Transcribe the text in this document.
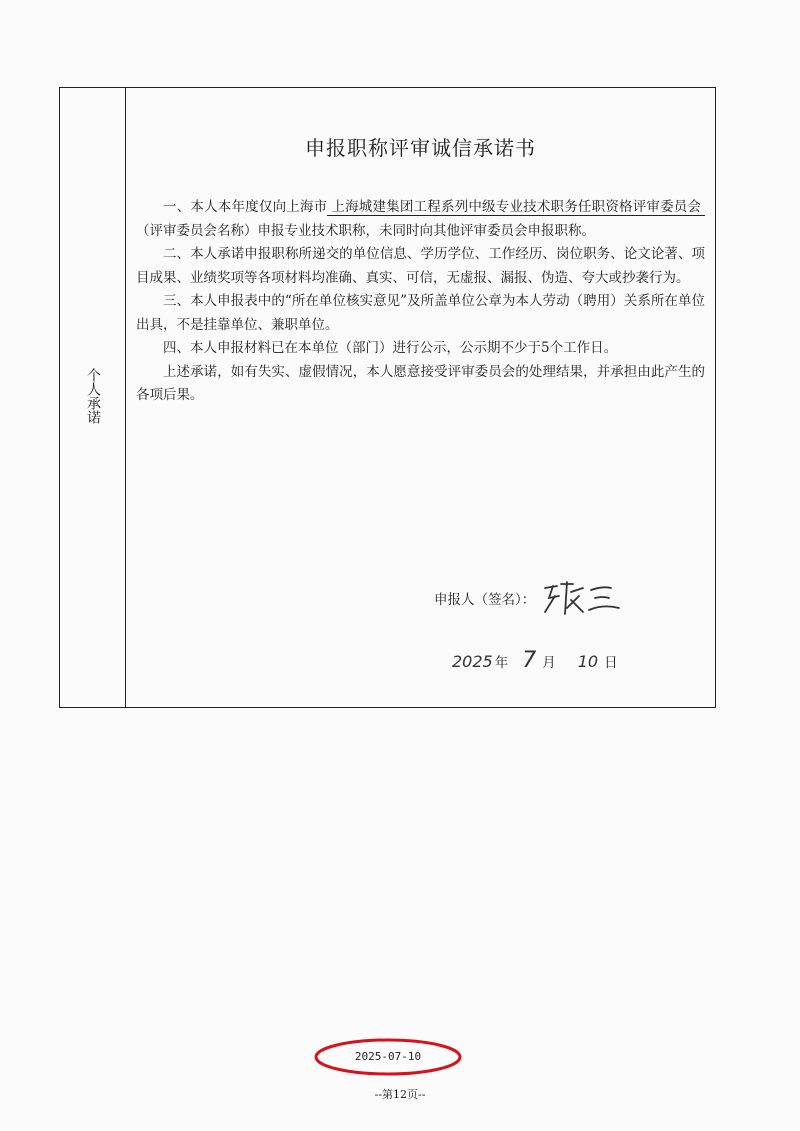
个人承诺
申报职称评审诚信承诺书

一、本人本年度仅向上海市 上海城建集团工程系列中级专业技术职务任职资格评审委员会（评审委员会名称）申报专业技术职称，未同时向其他评审委员会申报职称。

二、本人承诺申报职称所递交的单位信息、学历学位、工作经历、岗位职务、论文论著、项目成果、业绩奖项等各项材料均准确、真实、可信，无虚报、漏报、伪造、夸大或抄袭行为。

三、本人申报表中的“所在单位核实意见”及所盖单位公章为本人劳动（聘用）关系所在单位出具，不是挂靠单位、兼职单位。

四、本人申报材料已在本单位（部门）进行公示，公示期不少于5个工作日。

上述承诺，如有失实、虚假情况，本人愿意接受评审委员会的处理结果，并承担由此产生的各项后果。

申报人（签名）：
2025 年 7 月 10 日
2025-07-10
--第12页--
